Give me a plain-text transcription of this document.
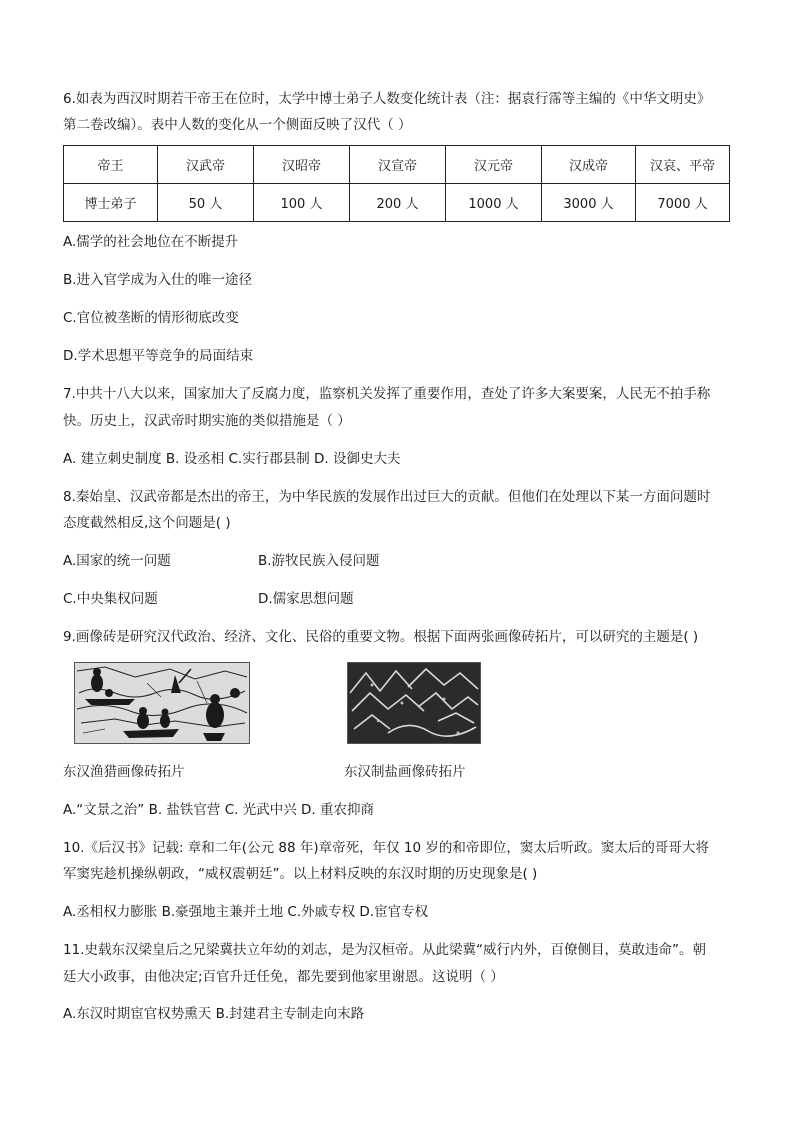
6.如表为西汉时期若干帝王在位时，太学中博士弟子人数变化统计表（注：据袁行霈等主编的《中华文明史》
第二卷改编）。表中人数的变化从一个侧面反映了汉代（ ）
帝王	汉武帝	汉昭帝	汉宣帝	汉元帝	汉成帝	汉哀、平帝
博士弟子	50 人	100 人	200 人	1000 人	3000 人	7000 人
A.儒学的社会地位在不断提升
B.进入官学成为入仕的唯一途径
C.官位被垄断的情形彻底改变
D.学术思想平等竞争的局面结束
7.中共十八大以来，国家加大了反腐力度，监察机关发挥了重要作用，查处了许多大案要案，人民无不拍手称
快。历史上，汉武帝时期实施的类似措施是（ ）
A. 建立刺史制度 B. 设丞相 C.实行郡县制 D. 设御史大夫
8.秦始皇、汉武帝都是杰出的帝王，为中华民族的发展作出过巨大的贡献。但他们在处理以下某一方面问题时
态度截然相反,这个问题是( )
A.国家的统一问题	B.游牧民族入侵问题
C.中央集权问题	D.儒家思想问题
9.画像砖是研究汉代政治、经济、文化、民俗的重要文物。根据下面两张画像砖拓片，可以研究的主题是( )
东汉渔猎画像砖拓片	东汉制盐画像砖拓片
A.“文景之治” B. 盐铁官营 C. 光武中兴 D. 重农抑商
10.《后汉书》记载: 章和二年(公元 88 年)章帝死，年仅 10 岁的和帝即位，窦太后听政。窦太后的哥哥大将
军窦宪趁机操纵朝政，“威权震朝廷”。以上材料反映的东汉时期的历史现象是( )
A.丞相权力膨胀 B.豪强地主兼并土地 C.外戚专权 D.宦官专权
11.史载东汉梁皇后之兄梁冀扶立年幼的刘志，是为汉桓帝。从此梁冀“威行内外，百僚侧目，莫敢违命”。朝
廷大小政事，由他决定;百官升迁任免，都先要到他家里谢恩。这说明（ ）
A.东汉时期宦官权势熏天 B.封建君主专制走向末路
